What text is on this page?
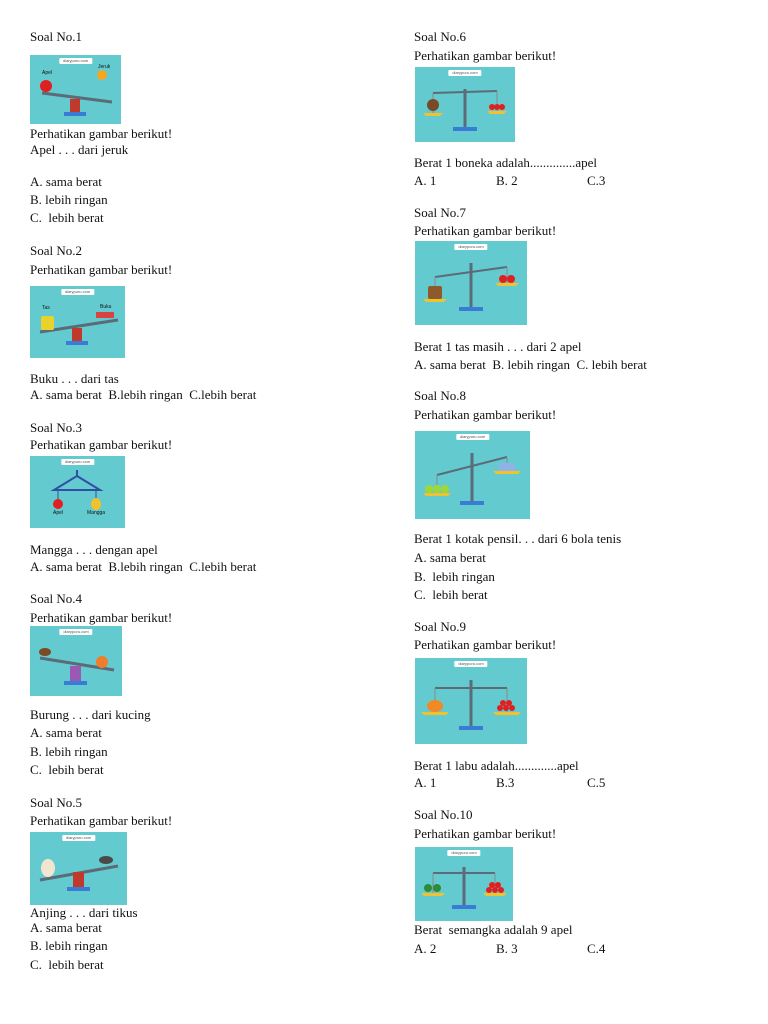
Soal No.1
diarypuru.com
Apel
Jeruk
Perhatikan gambar berikut!
Apel . . . dari jeruk
A. sama berat
B. lebih ringan
C.  lebih berat
Soal No.2
Perhatikan gambar berikut!
diarypuru.com
Tas	Buku
Buku . . . dari tas
A. sama berat  B.lebih ringan  C.lebih berat
Soal No.3
Perhatikan gambar berikut!
diarypuru.com
Apel	Mangga
Mangga . . . dengan apel
A. sama berat  B.lebih ringan  C.lebih berat
Soal No.4
Perhatikan gambar berikut!
diarypuru.com
Burung . . . dari kucing
A. sama berat
B. lebih ringan
C.  lebih berat
Soal No.5
Perhatikan gambar berikut!
diarypuru.com
Anjing . . . dari tikus
A. sama berat
B. lebih ringan
C.  lebih berat
Soal No.6
Perhatikan gambar berikut!
diarypuru.com
Berat 1 boneka adalah..............apel
A. 1	B. 2	C.3
Soal No.7
Perhatikan gambar berikut!
diarypuru.com
Berat 1 tas masih . . . dari 2 apel
A. sama berat  B. lebih ringan  C. lebih berat
Soal No.8
Perhatikan gambar berikut!
diarypuru.com
Berat 1 kotak pensil. . . dari 6 bola tenis
A. sama berat
B.  lebih ringan
C.  lebih berat
Soal No.9
Perhatikan gambar berikut!
diarypuru.com
Berat 1 labu adalah.............apel
A. 1	B.3	C.5
Soal No.10
Perhatikan gambar berikut!
diarypuru.com
Berat  semangka adalah 9 apel
A. 2	B. 3	C.4
